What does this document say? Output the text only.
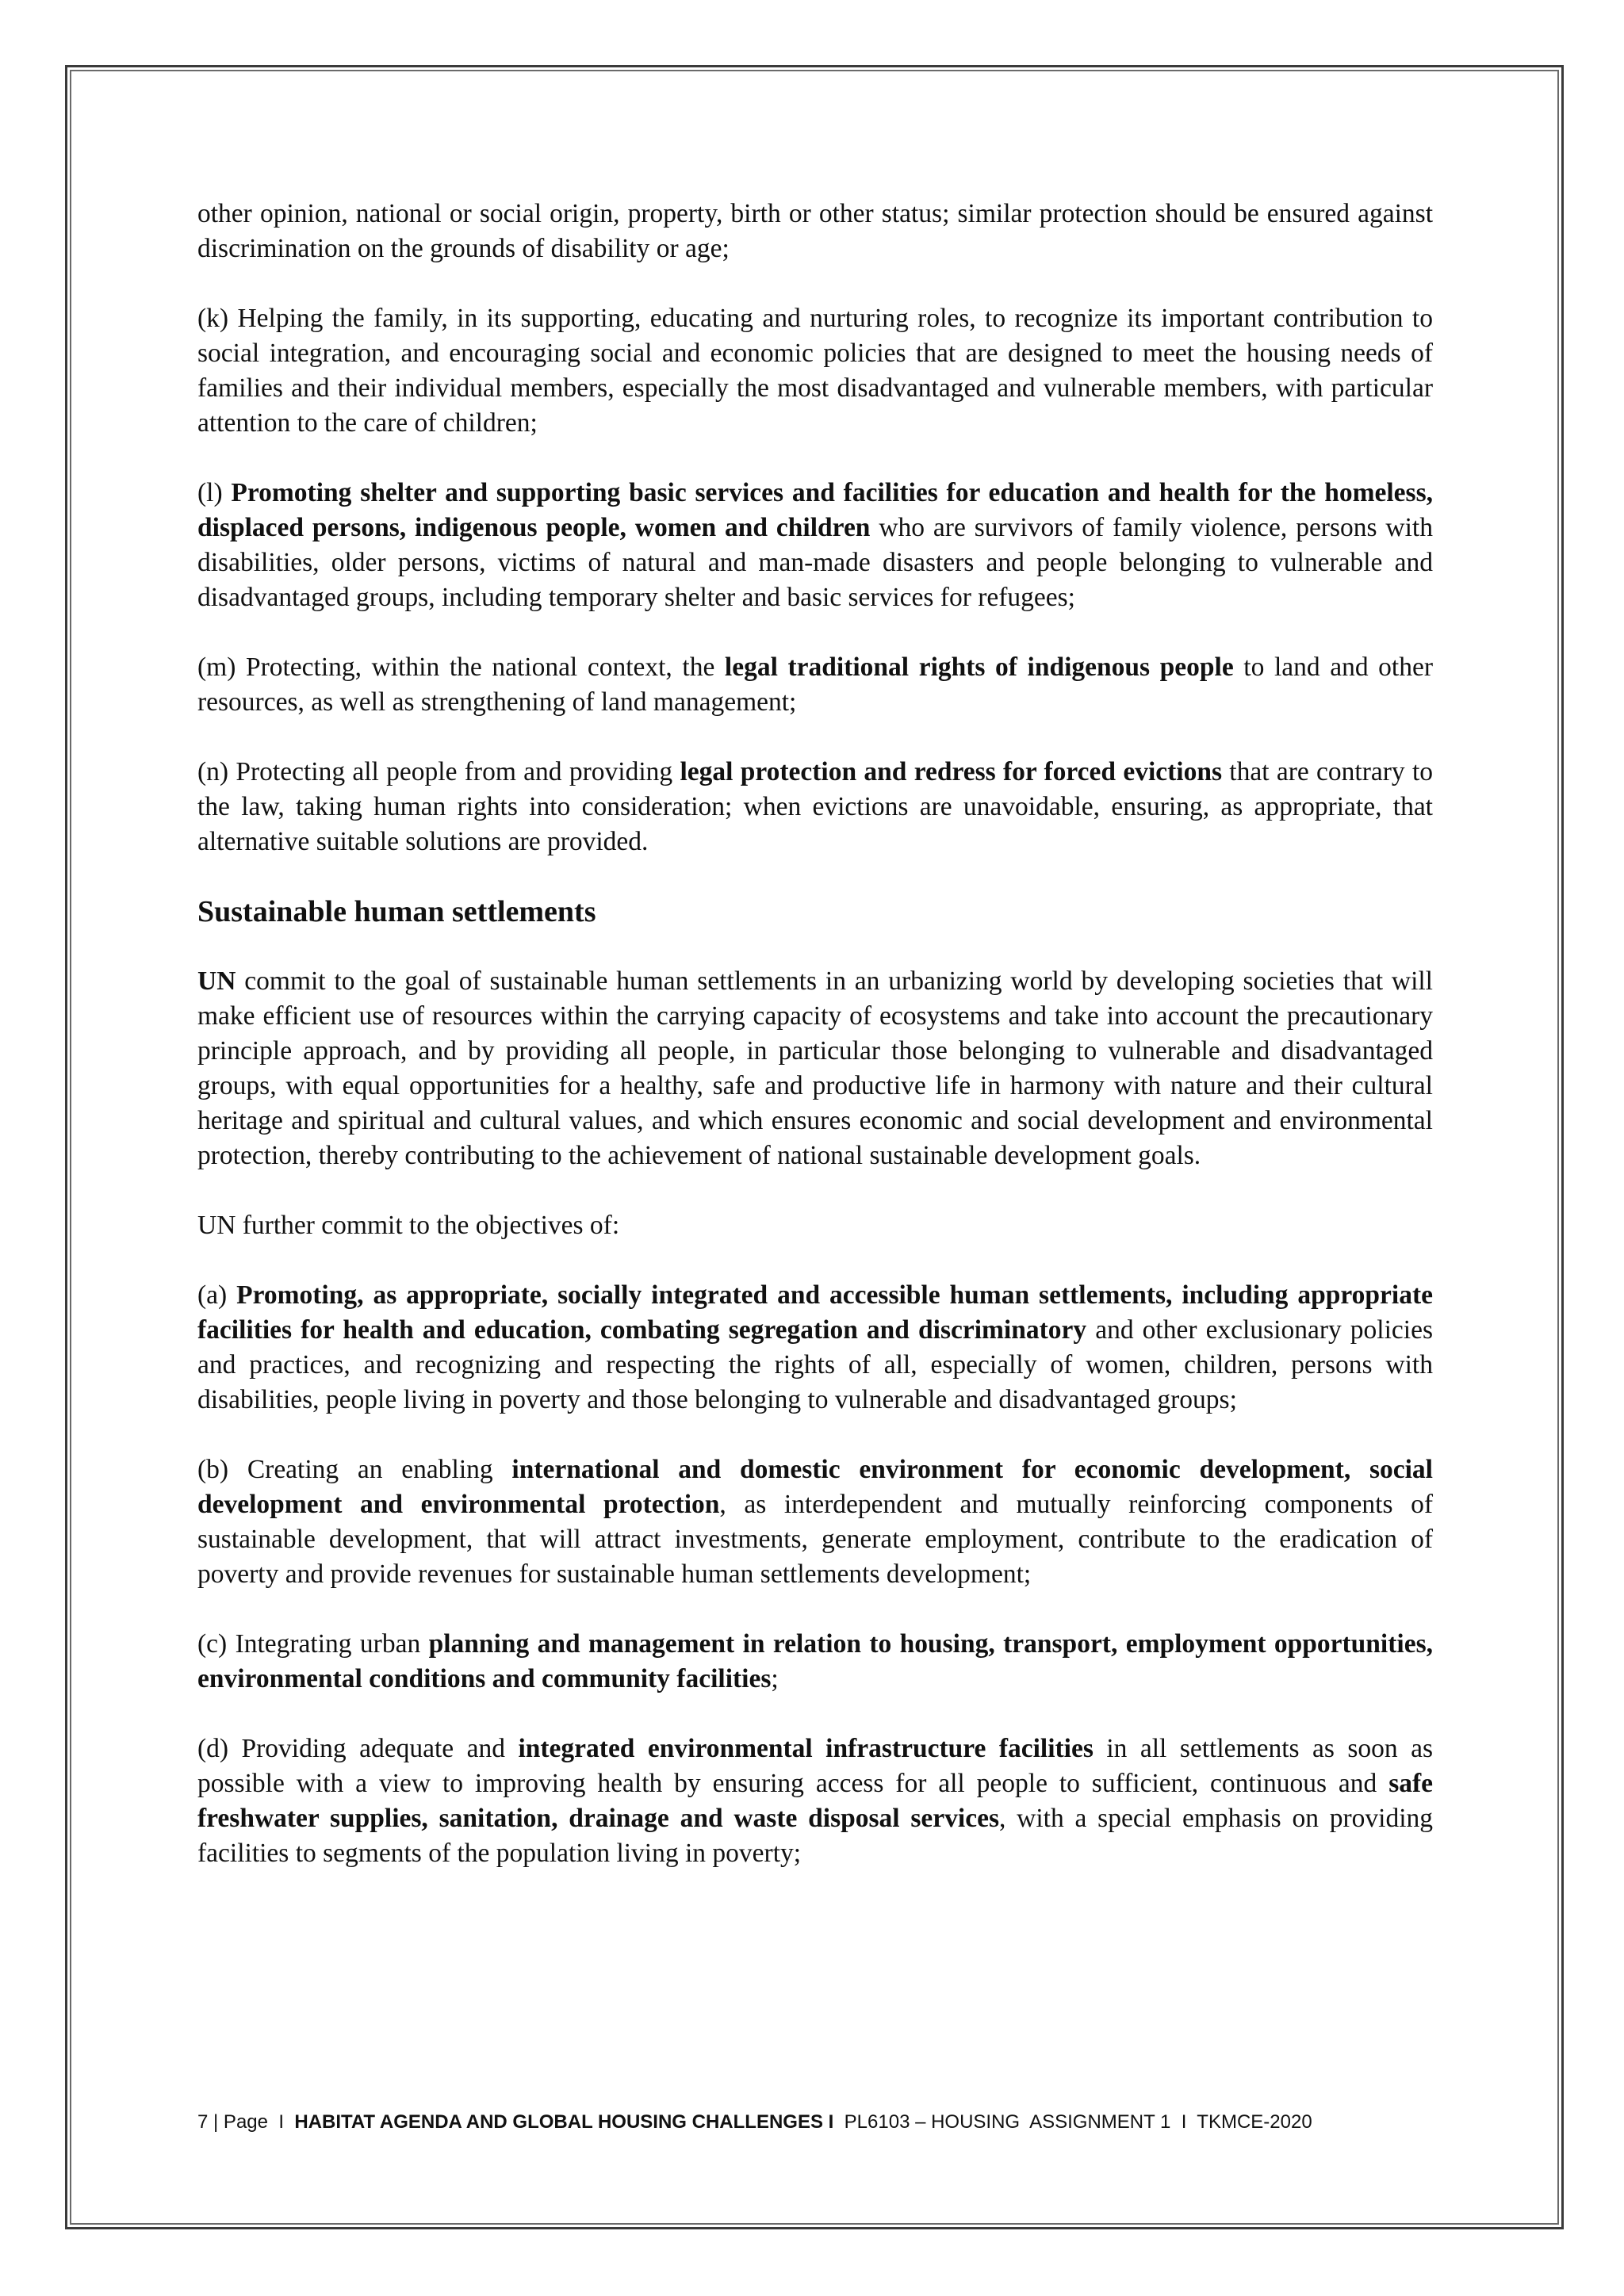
other opinion, national or social origin, property, birth or other status; similar protection should be ensured against discrimination on the grounds of disability or age;

(k) Helping the family, in its supporting, educating and nurturing roles, to recognize its important contribution to social integration, and encouraging social and economic policies that are designed to meet the housing needs of families and their individual members, especially the most disadvantaged and vulnerable members, with particular attention to the care of children;

(l) Promoting shelter and supporting basic services and facilities for education and health for the homeless, displaced persons, indigenous people, women and children who are survivors of family violence, persons with disabilities, older persons, victims of natural and man-made disasters and people belonging to vulnerable and disadvantaged groups, including temporary shelter and basic services for refugees;

(m) Protecting, within the national context, the legal traditional rights of indigenous people to land and other resources, as well as strengthening of land management;

(n) Protecting all people from and providing legal protection and redress for forced evictions that are contrary to the law, taking human rights into consideration; when evictions are unavoidable, ensuring, as appropriate, that alternative suitable solutions are provided.

Sustainable human settlements

UN commit to the goal of sustainable human settlements in an urbanizing world by developing societies that will make efficient use of resources within the carrying capacity of ecosystems and take into account the precautionary principle approach, and by providing all people, in particular those belonging to vulnerable and disadvantaged groups, with equal opportunities for a healthy, safe and productive life in harmony with nature and their cultural heritage and spiritual and cultural values, and which ensures economic and social development and environmental protection, thereby contributing to the achievement of national sustainable development goals.

UN further commit to the objectives of:

(a) Promoting, as appropriate, socially integrated and accessible human settlements, including appropriate facilities for health and education, combating segregation and discriminatory and other exclusionary policies and practices, and recognizing and respecting the rights of all, especially of women, children, persons with disabilities, people living in poverty and those belonging to vulnerable and disadvantaged groups;

(b) Creating an enabling international and domestic environment for economic development, social development and environmental protection, as interdependent and mutually reinforcing components of sustainable development, that will attract investments, generate employment, contribute to the eradication of poverty and provide revenues for sustainable human settlements development;

(c) Integrating urban planning and management in relation to housing, transport, employment opportunities, environmental conditions and community facilities;

(d) Providing adequate and integrated environmental infrastructure facilities in all settlements as soon as possible with a view to improving health by ensuring access for all people to sufficient, continuous and safe freshwater supplies, sanitation, drainage and waste disposal services, with a special emphasis on providing facilities to segments of the population living in poverty;

7 | Page  I  HABITAT AGENDA AND GLOBAL HOUSING CHALLENGES I  PL6103 – HOUSING  ASSIGNMENT 1  I  TKMCE-2020
